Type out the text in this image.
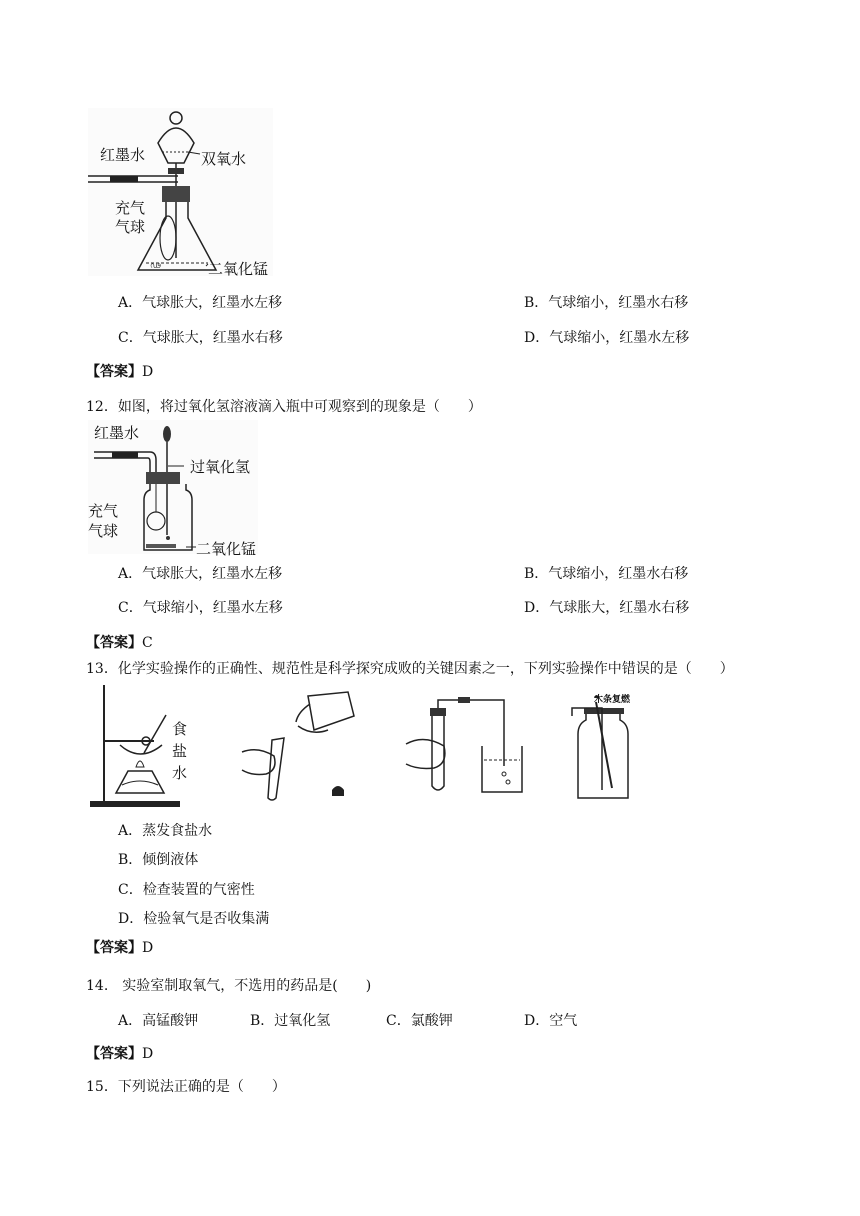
ഢ
红墨水	双氧水
充气
气球
二氧化锰
A．气球胀大，红墨水左移	B．气球缩小，红墨水右移
C．气球胀大，红墨水右移	D．气球缩小，红墨水左移
【答案】D
12．如图，将过氧化氢溶液滴入瓶中可观察到的现象是（　　）
红墨水
过氧化氢
充气
气球
二氧化锰
A．气球胀大，红墨水左移	B．气球缩小，红墨水右移
C．气球缩小，红墨水左移	D．气球胀大，红墨水右移
【答案】C
13．化学实验操作的正确性、规范性是科学探究成败的关键因素之一，下列实验操作中错误的是（　　）
食
盐
水
木条复燃
A．蒸发食盐水
B．倾倒液体
C．检查装置的气密性
D．检验氧气是否收集满
【答案】D
14.　实验室制取氧气，不选用的药品是(　　)
A．高锰酸钾	B．过氧化氢	C．氯酸钾	D．空气
【答案】D
15．下列说法正确的是（　　）
